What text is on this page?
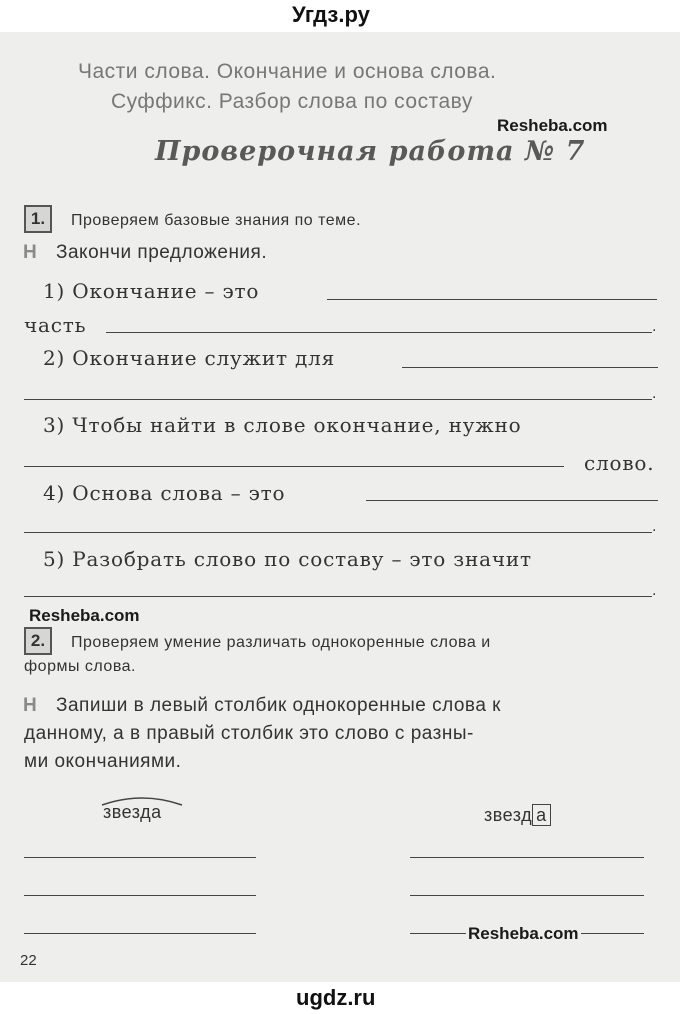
Угдз.ру
Части слова. Окончание и основа слова.
Суффикс. Разбор слова по составу
Resheba.com
Проверочная работа № 7
1.	Проверяем базовые знания по теме.
Н Закончи предложения.
1) Окончание – это
часть	.
2) Окончание служит для
.
3) Чтобы найти в слове окончание, нужно
слово.
4) Основа слова – это
.
5) Разобрать слово по составу – это значит
.
Resheba.com
2.	Проверяем умение различать однокоренные слова и
формы слова.
Н Запиши в левый столбик однокоренные слова к
данному, а в правый столбик это слово с разны-
ми окончаниями.
звезда	звезд а
Resheba.com
22
ugdz.ru
